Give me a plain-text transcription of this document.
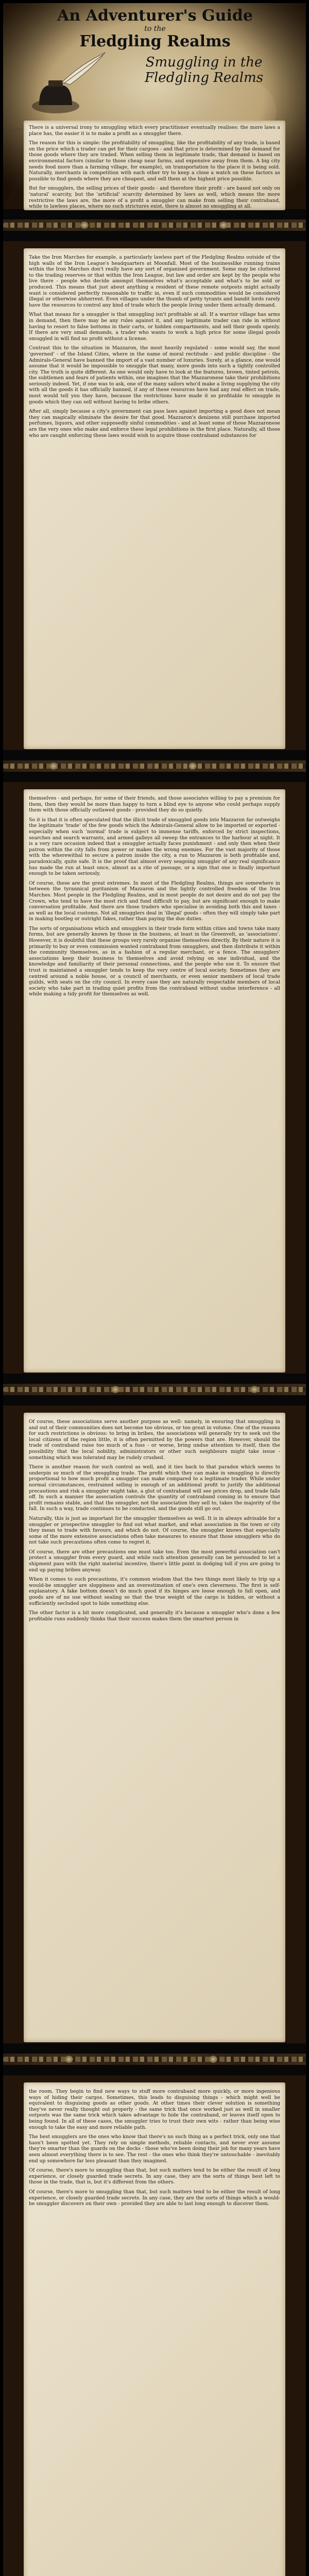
An Adventurer's Guide
to the
Fledgling Realms
Smuggling in the Fledgling Realms

There is a universal irony to smuggling which every practitioner eventually realises: the more laws a place has, the easier it is to make a profit as a smuggler there.

The reason for this is simple: the profitability of smuggling, like the profitability of any trade, is based on the price which a trader can get for their cargoes - and that price is determined by the demand for those goods where they are traded. When selling them in legitimate trade, that demand is based on environmental factors (similar to those cheap near farms, and expensive away from them. A big city needs food more than a farming village, for example), on transportation to the place it is being sold. Naturally, merchants in competition with each other try to keep a close a watch on these factors as possible to find goods where they are cheapest, and sell them at the highest price possible.

But for smugglers, the selling prices of their goods - and therefore their profit - are based not only on 'natural' scarcity, but the 'artificial' scarcity determined by laws as well, which means the more restrictive the laws are, the more of a profit a smuggler can make from selling their contraband, while to lawless places, where no such strictures exist, there is almost no smuggling at all.

Take the Iron Marches for example, a particularly lawless part of the Fledgling Realms outside of the high walls of the Iron League's headquarters at Moonfall. Most of the businesslike running trains within the Iron Marches don't really have any sort of organised government. Some may be cluttered to the trading reserves or that within the Iron League, but law and order are kept by the people who live there - people who decide amongst themselves what's acceptable and what's to be sold or produced. This means that just about anything a resident of these remote outposts might actually want is considered perfectly reasonable to traffic in, even if such commodities would be considered illegal or otherwise abhorrent. Even villages under the thumb of petty tyrants and bandit lords rarely have the resources to control any kind of trade which the people living under them actually demand.

What that means for a smuggler is that smuggling isn't profitable at all. If a warrior village has arms in demand, then there may be any rules against it, and any legitimate trader can ride in without having to resort to false bottoms in their carts, or hidden compartments, and sell their goods openly. If there are very small demands, a trader who wants to work a high price for some illegal goods smuggled in will find no profit without a license.

Contrast this to the situation in Mazzaron, the most heavily regulated - some would say, the most 'governed' - of the Island Cities, where in the name of moral rectitude - and public discipline - the Admirals-General have banned the import of a vast number of luxuries. Surely, at a glance, one would assume that it would be impossible to smuggle that many, more goods into such a tightly controlled city. The truth is quite different. As one would only have to look at the features, brown, tinted petrols, the subtlemen and fears of patients within, one imagines that the Mazzaronese take their prohibitions seriously indeed. Yet, if one was to ask, one of the many sailors who'd make a living supplying the city with all the goods it has officially banned, if any of these resources have had any real effect on trade, most would tell you they have, because the restrictions have made it so profitable to smuggle in goods which they can sell without having to bribe others.

After all, simply because a city's government can pass laws against importing a good does not mean they can magically eliminate the desire for that good. Mazzaron's denizens still purchase imported perfumes, liquors, and other supposedly sinful commodities - and at least some of those Mazzaronese are the very ones who make and enforce these legal prohibitions in the first place. Naturally, all those who are caught enforcing these laws would wish to acquire those contraband substances for

themselves - and perhaps, for some of their friends, and those associates willing to pay a premium for them, then they would be more than happy to turn a blind eye to anyone who could perhaps supply them with those officially outlawed goods - provided they do so quietly.

So it is that it is often speculated that the illicit trade of smuggled goods into Mazzaron far outweighs the legitimate 'trade' of the few goods which the Admirals-General allow to be imported or exported - especially when such 'normal' trade is subject to immense tariffs, enforced by strict inspections, searches and search warrants, and armed galleys all sweep the entrances to the harbour at night. It is a very rare occasion indeed that a smuggler actually faces punishment - and only then when their patron within the city falls from power or makes the wrong enemies. For the vast majority of those with the wherewithal to secure a patron inside the city, a run to Mazzaron is both profitable and, paradoxically, quite safe. It is the proof that almost every seagoing smuggler of any real significance has made the run at least once, almost as a rite of passage, or a sign that one is finally important enough to be taken seriously.

Of course, these are the great extremes. In most of the Fledgling Realms, things are somewhere in between the tyrannical puritanism of Mazzaron and the lightly controlled freedom of the Iron Marches. Most people in the Fledgling Realms, and in most people do not desire and do not pay the Crown, who tend to have the most rich and fund difficult to pay, but are significant enough to make conversation profitable. And there are those traders who specialise in avoiding both this and taxes - as well as the local customs. Not all smugglers deal in 'illegal' goods - often they will simply take part in making bootleg or outright fakes, rather than paying the due duties.

The sorts of organisations which and smugglers in their trade form within cities and towns take many forms, but are generally known by those in the business, at least in the Greenvelt, as 'associations'. However, it is doubtful that these groups very rarely organise themselves directly. By their nature it is primarily to buy or even commission wanted contraband from smugglers, and then distribute it within the community themselves, as in a fashion of a regular merchant, or a fence. The smugglers' associations keep their business to themselves and avoid relying on one individual, and the knowledge and familiarity of their personal connections, and the people who use it. To ensure that trust is maintained a smuggler tends to keep the very centre of local society. Sometimes they are centred around a noble house, or a council of merchants, or even senior members of local trade guilds, with seats on the city council. In every case they are naturally respectable members of local society who take part in trading quiet profits from the contraband without undue interference - all while making a tidy profit for themselves as well.

Of course, these associations serve another purpose as well: namely, in ensuring that smuggling in and out of their communities does not become too obvious, or too great in volume. One of the reasons for such restrictions is obvious: to bring in bribes, the associations will generally try to seek out the local citizens of the region little, it is often permitted by the powers that are. However, should the trade of contraband raise too much of a fuss - or worse, bring undue attention to itself, then the possibility that the local nobility, administrators or other such neighbours might take issue - something which was tolerated may be rudely crushed.

There is another reason for such control as well, and it ties back to that paradox which seems to underpin so much of the smuggling trade. The profit which they can make in smuggling is directly proportional to how much profit a smuggler can make compared to a legitimate trader. While under normal circumstances, restrained selling is enough of an additional profit to justify the additional precautions and risk a smuggler might take, a glut of contraband will see prices drop, and trade falls off. In such a manner the association controls the quantity of contraband coming in to ensure that profit remains stable, and that the smuggler, not the association they sell to, takes the majority of the fall. In such a way, trade continues to be conducted, and the goods still go out.

Naturally, this is just as important for the smuggler themselves as well. It is in always advisable for a smuggler or prospective smuggler to find out what market, and what association in the town or city they mean to trade with favours, and which do not. Of course, the smuggler knows that especially some of the more extensive associations often take measures to ensure that those smugglers who do not take such precautions often come to regret it.

Of course, there are other precautions one must take too. Even the most powerful association can't protect a smuggler from every guard, and while such attention generally can be persuaded to let a shipment pass with the right material incentive, there's little point in dodging toll if you are going to end up paying bribes anyway.

When it comes to such precautions, it's common wisdom that the two things most likely to trip up a would-be smuggler are sloppiness and an overestimation of one's own cleverness. The first is self-explanatory. A fake bottom doesn't do much good if its hinges are loose enough to fall open, and goods are of no use without sealing so that the true weight of the cargo is hidden, or without a sufficiently secluded spot to hide something else.

The other factor is a bit more complicated, and generally it's because a smuggler who's done a few profitable runs suddenly thinks that their success makes them the smartest person in

the room. They begin to find new ways to stuff more contraband more quickly, or more ingenious ways of hiding their cargos. Sometimes, this leads to disguising things - which might well be equivalent to disguising goods as other goods. At other times their clever solution is something they've never really thought out properly - the same trick that once worked just as well in smaller outposts was the same trick which takes advantage to hide the contraband, or leaves itself open to being found. In all of these cases, the smuggler tries to trust their own wits - rather than being wise enough to take the easy and more reliable path.

The best smugglers are the ones who know that there's no such thing as a perfect trick, only one that hasn't been spotted yet. They rely on simple methods, reliable contacts, and never ever assume they're smarter than the guards on the docks - those who've been doing their job for many years have seen almost everything there is to see. The rest - the ones who think they're untouchable - inevitably end up somewhere far less pleasant than they imagined.

Of course, there's more to smuggling than that, but such matters tend to be either the result of long experience, or closely guarded trade secrets. In any case, they are the sorts of things best left to those in the trade, that is, but it's different from the others.

Of course, there's more to smuggling than that, but such matters tend to be either the result of long experience, or closely guarded trade secrets. In any case, they are the sorts of things which a would-be smuggler discovers on their own - provided they are able to last long enough to discover them.
